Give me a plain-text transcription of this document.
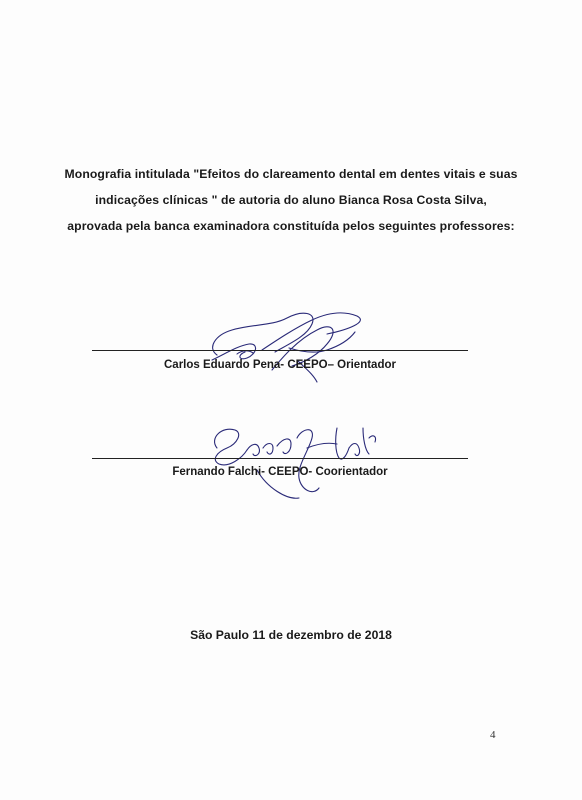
Monografia intitulada "Efeitos do clareamento dental em dentes vitais e suas
indicações clínicas " de autoria do aluno Bianca Rosa Costa Silva,
aprovada pela banca examinadora constituída pelos seguintes professores:
Carlos Eduardo Pena- CEEPO– Orientador
Fernando Falchi- CEEPO- Coorientador
São Paulo 11 de dezembro de 2018
4
